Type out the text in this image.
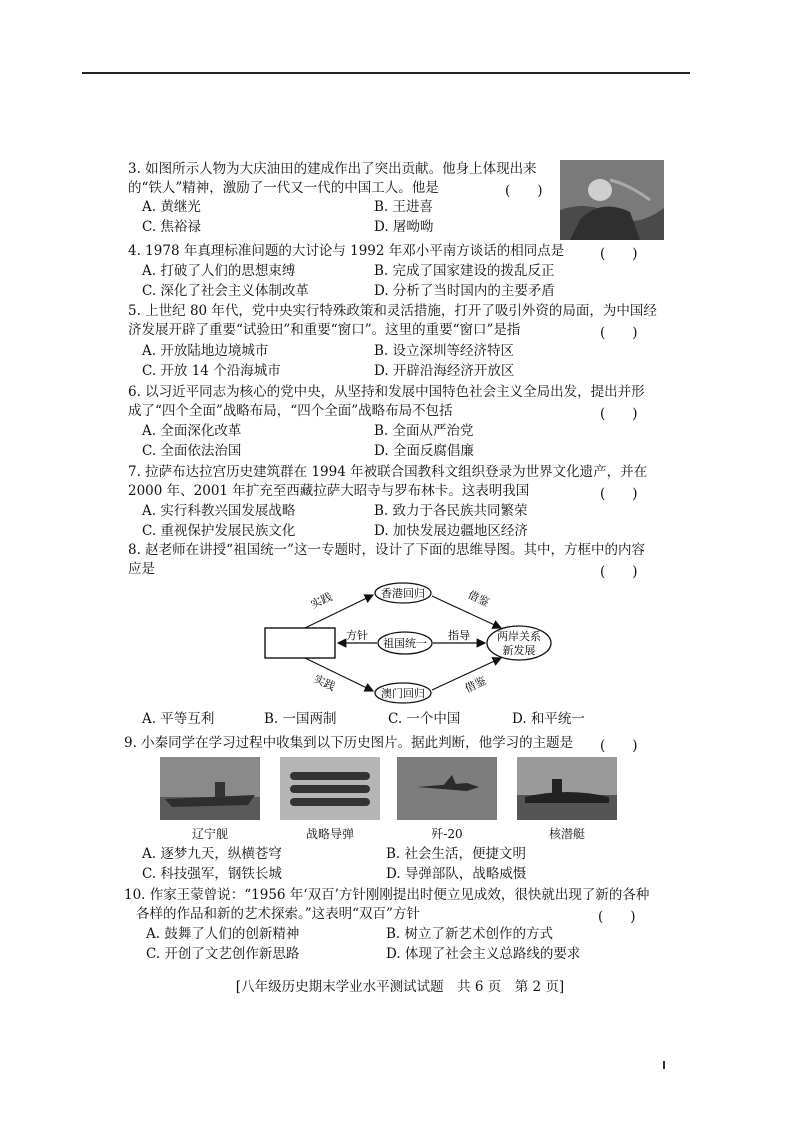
3. 如图所示人物为大庆油田的建成作出了突出贡献。他身上体现出来
的“铁人”精神，激励了一代又一代的中国工人。他是	(　　)
A. 黄继光	B. 王进喜
C. 焦裕禄	D. 屠呦呦
4. 1978 年真理标准问题的大讨论与 1992 年邓小平南方谈话的相同点是	(　　)
A. 打破了人们的思想束缚	B. 完成了国家建设的拨乱反正
C. 深化了社会主义体制改革	D. 分析了当时国内的主要矛盾
5. 上世纪 80 年代，党中央实行特殊政策和灵活措施，打开了吸引外资的局面，为中国经
济发展开辟了重要“试验田”和重要“窗口”。这里的重要“窗口”是指	(　　)
A. 开放陆地边境城市	B. 设立深圳等经济特区
C. 开放 14 个沿海城市	D. 开辟沿海经济开放区
6. 以习近平同志为核心的党中央，从坚持和发展中国特色社会主义全局出发，提出并形
成了“四个全面”战略布局，“四个全面”战略布局不包括	(　　)
A. 全面深化改革	B. 全面从严治党
C. 全面依法治国	D. 全面反腐倡廉
7. 拉萨布达拉宫历史建筑群在 1994 年被联合国教科文组织登录为世界文化遗产，并在
2000 年、2001 年扩充至西藏拉萨大昭寺与罗布林卡。这表明我国	(　　)
A. 实行科教兴国发展战略	B. 致力于各民族共同繁荣
C. 重视保护发展民族文化	D. 加快发展边疆地区经济
8. 赵老师在讲授“祖国统一”这一专题时，设计了下面的思维导图。其中，方框中的内容
应是	(　　)
祖国统一
香港回归
澳门回归
两岸关系
新发展
方针	指导
实践
实践
借鉴
借鉴
A. 平等互利	B. 一国两制	C. 一个中国	D. 和平统一
9. 小秦同学在学习过程中收集到以下历史图片。据此判断，他学习的主题是 (　　)
辽宁舰	战略导弹	歼-20	核潜艇
A. 逐梦九天，纵横苍穹	B. 社会生活，便捷文明
C. 科技强军，钢铁长城	D. 导弹部队，战略威慑
10. 作家王蒙曾说：“1956 年‘双百’方针刚刚提出时便立见成效，很快就出现了新的各种
各样的作品和新的艺术探索。”这表明“双百”方针	(　　)
A. 鼓舞了人们的创新精神	B. 树立了新艺术创作的方式
C. 开创了文艺创作新思路	D. 体现了社会主义总路线的要求
[八年级历史期末学业水平测试试题　共 6 页　第 2 页]
